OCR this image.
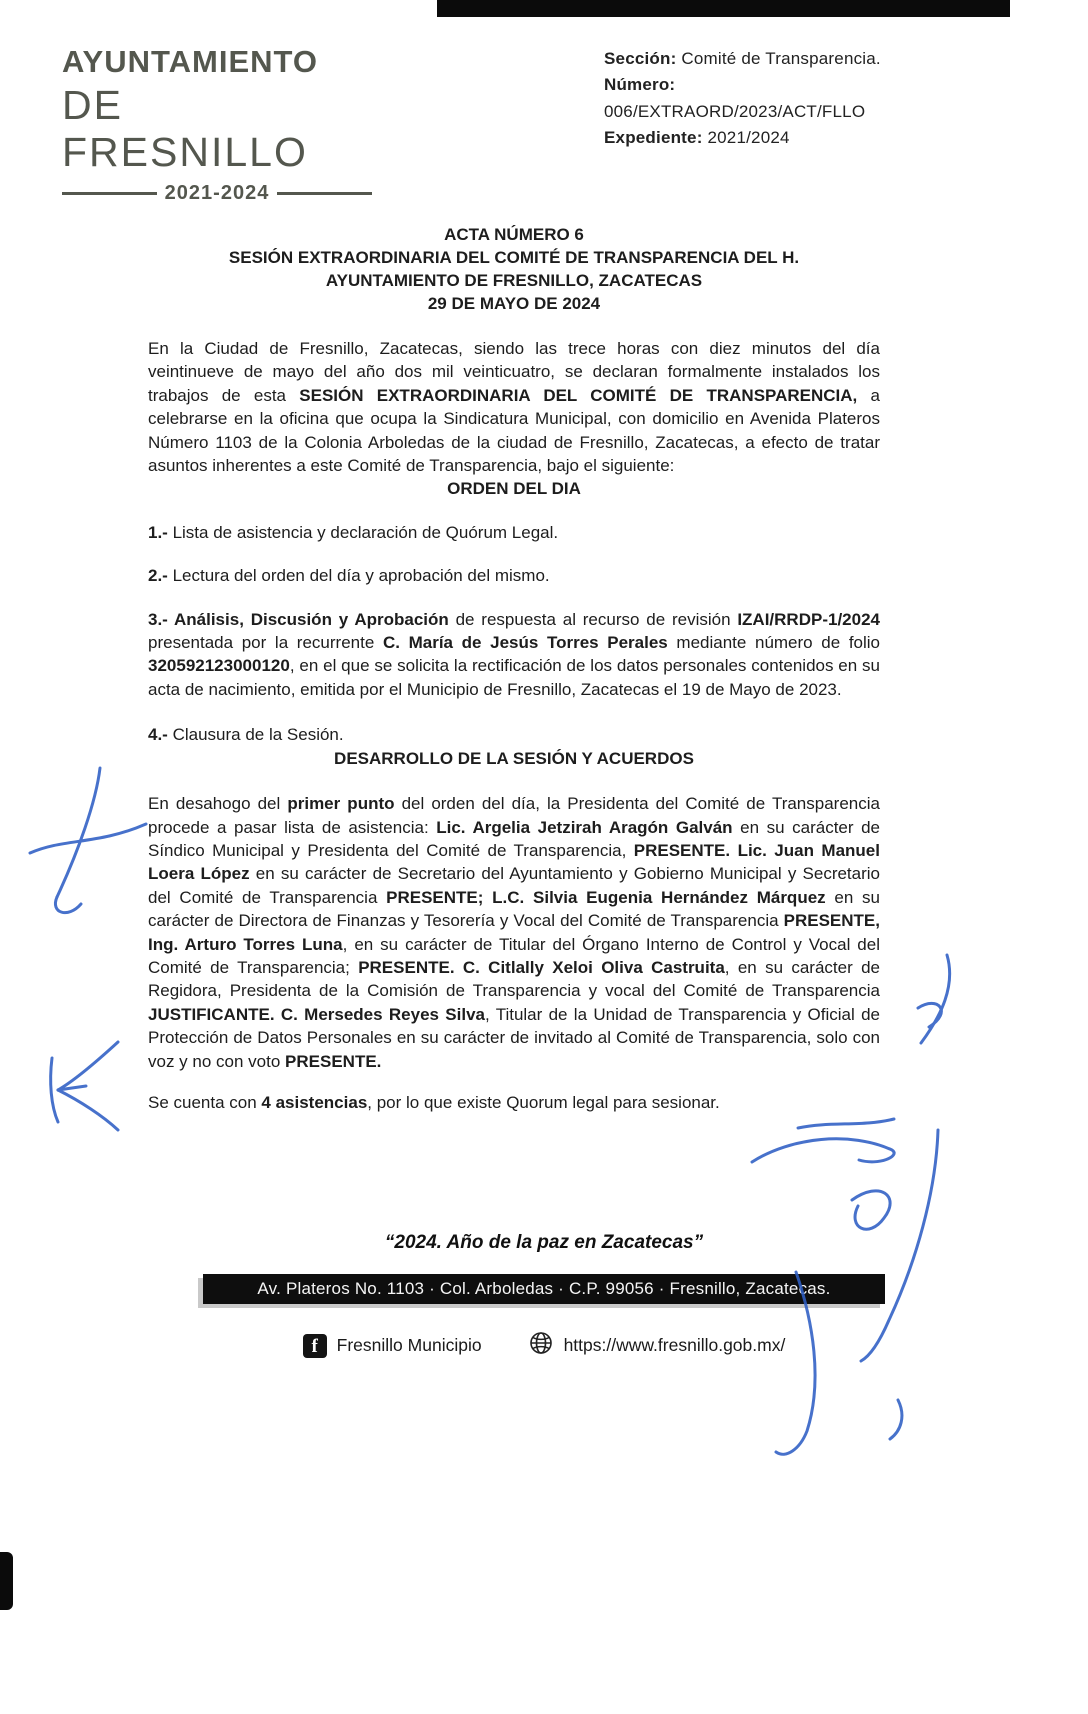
AYUNTAMIENTO
DE FRESNILLO
2021-2024
Sección: Comité de Transparencia.
Número:
006/EXTRAORD/2023/ACT/FLLO
Expediente: 2021/2024
ACTA NÚMERO 6
SESIÓN EXTRAORDINARIA DEL COMITÉ DE TRANSPARENCIA DEL H.
AYUNTAMIENTO DE FRESNILLO, ZACATECAS
29 DE MAYO DE 2024

En la Ciudad de Fresnillo, Zacatecas, siendo las trece horas con diez minutos del día veintinueve de mayo del año dos mil veinticuatro, se declaran formalmente instalados los trabajos de esta SESIÓN EXTRAORDINARIA DEL COMITÉ DE TRANSPARENCIA, a celebrarse en la oficina que ocupa la Sindicatura Municipal, con domicilio en Avenida Plateros Número 1103 de la Colonia Arboledas de la ciudad de Fresnillo, Zacatecas, a efecto de tratar asuntos inherentes a este Comité de Transparencia, bajo el siguiente:

ORDEN DEL DIA

1.- Lista de asistencia y declaración de Quórum Legal.

2.- Lectura del orden del día y aprobación del mismo.

3.- Análisis, Discusión y Aprobación de respuesta al recurso de revisión IZAI/RRDP-1/2024 presentada por la recurrente C. María de Jesús Torres Perales mediante número de folio 320592123000120, en el que se solicita la rectificación de los datos personales contenidos en su acta de nacimiento, emitida por el Municipio de Fresnillo, Zacatecas el 19 de Mayo de 2023.

4.- Clausura de la Sesión.

DESARROLLO DE LA SESIÓN Y ACUERDOS

En desahogo del primer punto del orden del día, la Presidenta del Comité de Transparencia procede a pasar lista de asistencia: Lic. Argelia Jetzirah Aragón Galván en su carácter de Síndico Municipal y Presidenta del Comité de Transparencia, PRESENTE. Lic. Juan Manuel Loera López en su carácter de Secretario del Ayuntamiento y Gobierno Municipal y Secretario del Comité de Transparencia PRESENTE; L.C. Silvia Eugenia Hernández Márquez en su carácter de Directora de Finanzas y Tesorería y Vocal del Comité de Transparencia PRESENTE, Ing. Arturo Torres Luna, en su carácter de Titular del Órgano Interno de Control y Vocal del Comité de Transparencia; PRESENTE. C. Citlally Xeloi Oliva Castruita, en su carácter de Regidora, Presidenta de la Comisión de Transparencia y vocal del Comité de Transparencia JUSTIFICANTE. C. Mersedes Reyes Silva, Titular de la Unidad de Transparencia y Oficial de Protección de Datos Personales en su carácter de invitado al Comité de Transparencia, solo con voz y no con voto PRESENTE.

Se cuenta con 4 asistencias, por lo que existe Quorum legal para sesionar.

“2024. Año de la paz en Zacatecas”
Av. Plateros No. 1103 · Col. Arboledas · C.P. 99056 · Fresnillo, Zacatecas.
f	Fresnillo Municipio	https://www.fresnillo.gob.mx/
